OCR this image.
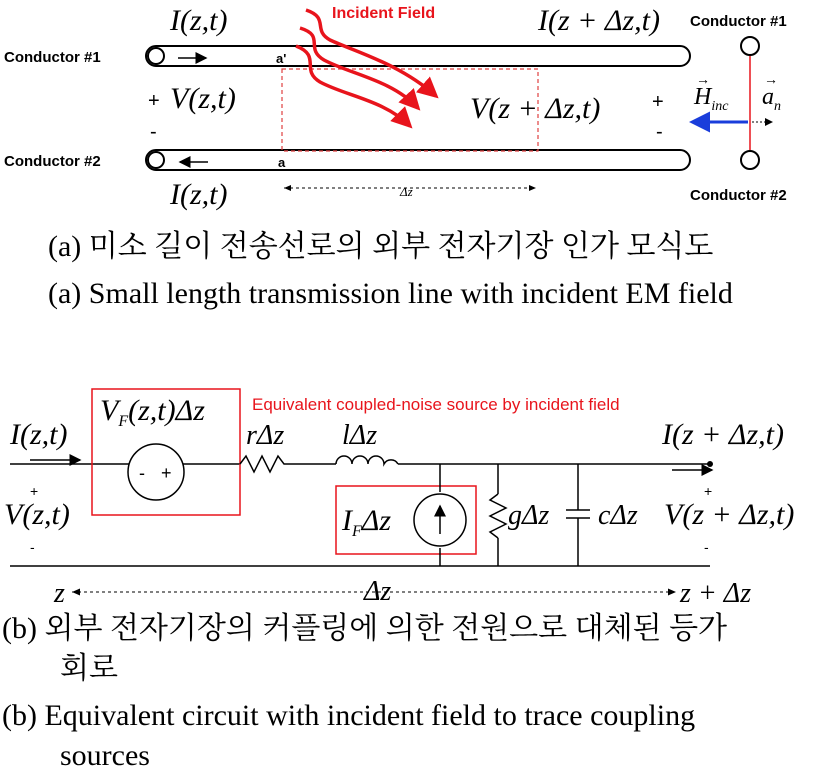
Incident Field
I(z,t)	I(z + Δz,t)
Conductor #1
Conductor #2
Conductor #1
Conductor #2
a'
a
+ V(z,t)
-
V(z + Δz,t)	+
-
I(z,t)	Δz
→
$H_{inc}$
→
$a_n$
$V_F(z,t)\Delta z$	Equivalent coupled-noise source by incident field
I(z,t)	rΔz lΔz	I(z + Δz,t)
+
V(z,t)
-
- +
$I_F\Delta z$	gΔz cΔz
+
V(z + Δz,t)
-
z	Δz	z + Δz
(a) 미소 길이 전송선로의 외부 전자기장 인가 모식도
(a) Small length transmission line with incident EM field
(b) 외부 전자기장의 커플링에 의한 전원으로 대체된 등가
회로
(b) Equivalent circuit with incident field to trace coupling
sources
